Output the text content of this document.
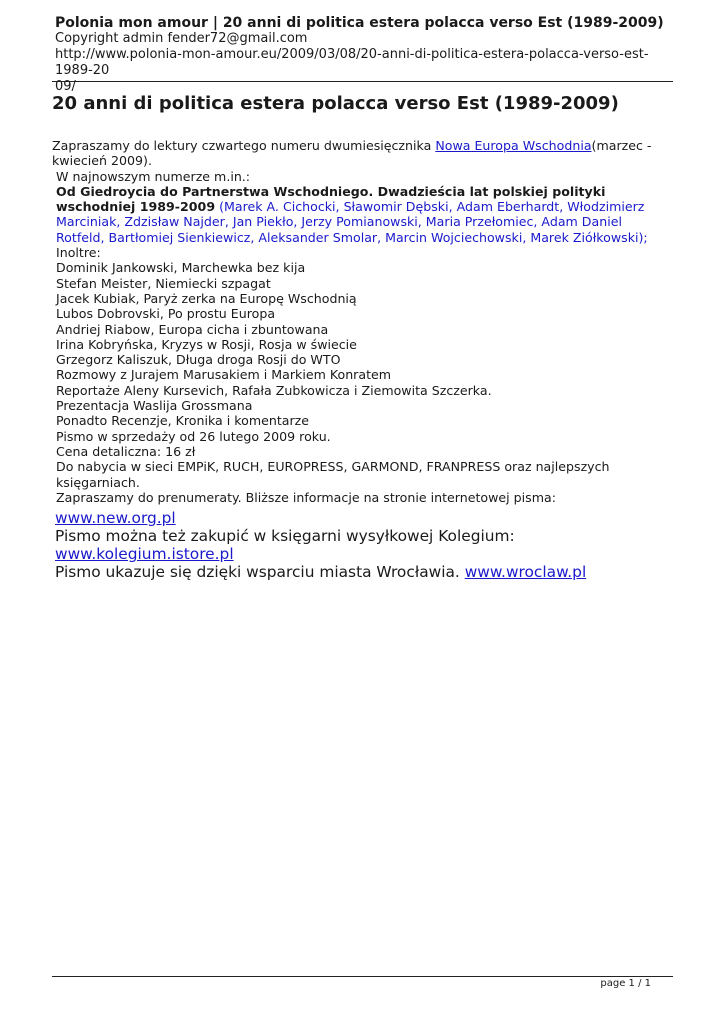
Polonia mon amour | 20 anni di politica estera polacca verso Est (1989-2009)
Copyright admin fender72@gmail.com
http://www.polonia-mon-amour.eu/2009/03/08/20-anni-di-politica-estera-polacca-verso-est-1989-20
09/
20 anni di politica estera polacca verso Est (1989-2009)

Zapraszamy do lektury czwartego numeru dwumiesięcznika Nowa Europa Wschodnia(marzec - kwiecień 2009).

W najnowszym numerze m.in.:

Od Giedroycia do Partnerstwa Wschodniego. Dwadzieścia lat polskiej polityki wschodniej 1989-2009 (Marek A. Cichocki, Sławomir Dębski, Adam Eberhardt, Włodzimierz Marciniak, Zdzisław Najder, Jan Piekło, Jerzy Pomianowski, Maria Przełomiec, Adam Daniel Rotfeld, Bartłomiej Sienkiewicz, Aleksander Smolar, Marcin Wojciechowski, Marek Ziółkowski);

Inoltre:

Dominik Jankowski, Marchewka bez kija

Stefan Meister, Niemiecki szpagat

Jacek Kubiak, Paryż zerka na Europę Wschodnią

Lubos Dobrovski, Po prostu Europa

Andriej Riabow, Europa cicha i zbuntowana

Irina Kobryńska, Kryzys w Rosji, Rosja w świecie

Grzegorz Kaliszuk, Długa droga Rosji do WTO

Rozmowy z Jurajem Marusakiem i Markiem Konratem

Reportaże Aleny Kursevich, Rafała Zubkowicza i Ziemowita Szczerka.

Prezentacja Waslija Grossmana

Ponadto Recenzje, Kronika i komentarze

Pismo w sprzedaży od 26 lutego 2009 roku.

Cena detaliczna: 16 zł

Do nabycia w sieci EMPiK, RUCH, EUROPRESS, GARMOND, FRANPRESS oraz najlepszych księgarniach.

Zapraszamy do prenumeraty. Bliższe informacje na stronie internetowej pisma:

www.new.org.pl

Pismo można też zakupić w księgarni wysyłkowej Kolegium:

www.kolegium.istore.pl

Pismo ukazuje się dzięki wsparciu miasta Wrocławia. www.wroclaw.pl

page 1 / 1
